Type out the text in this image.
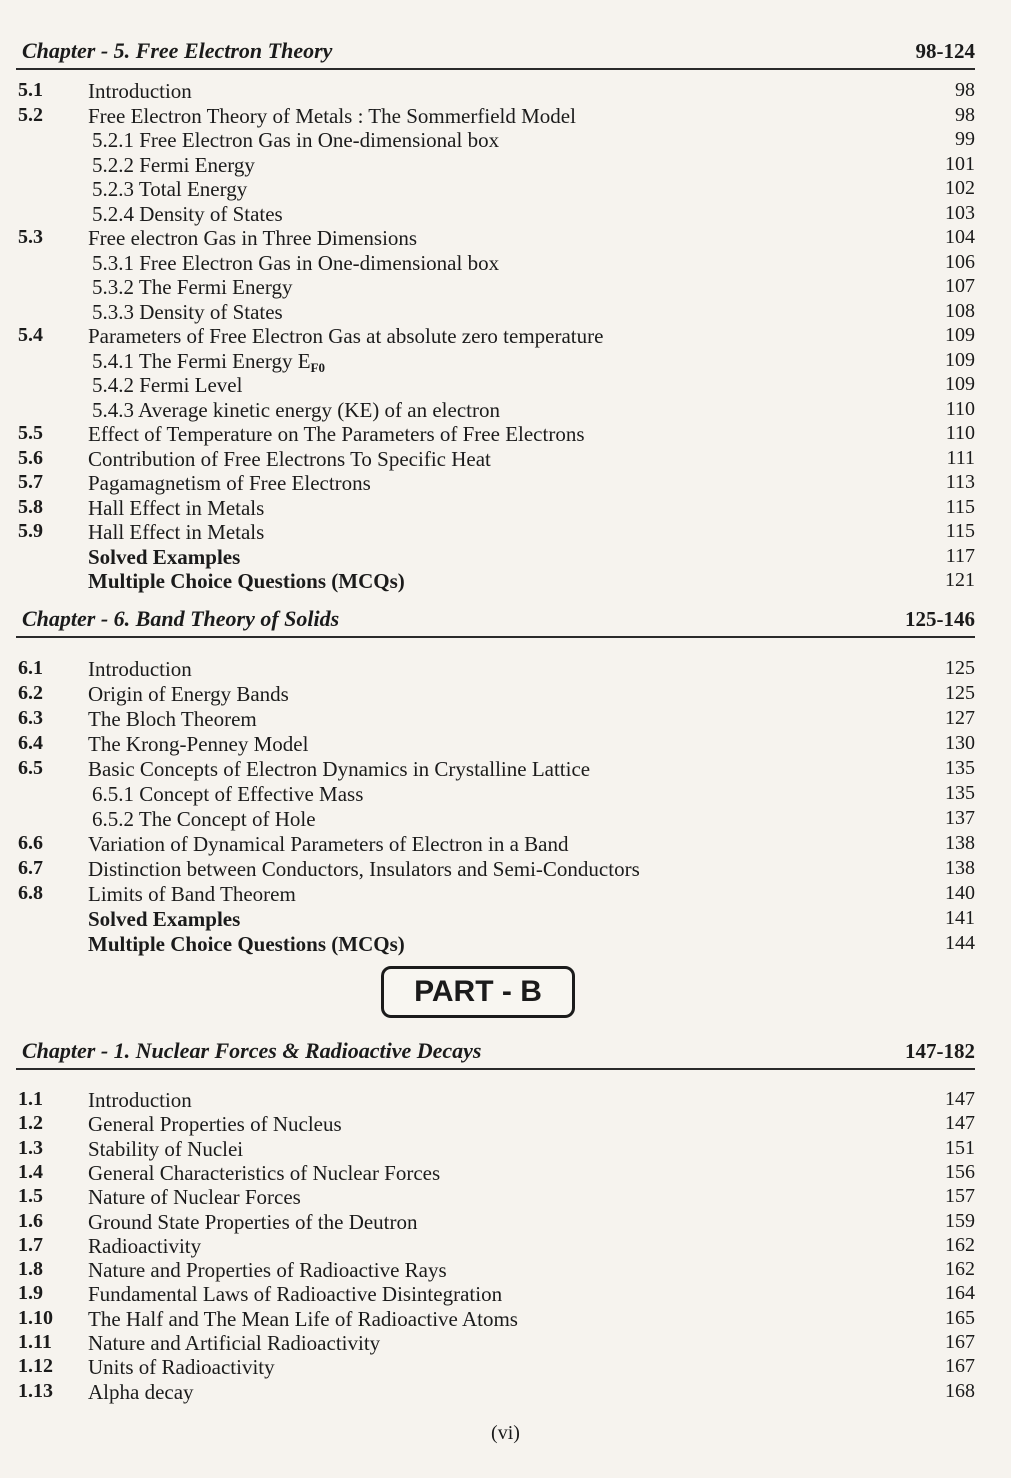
Chapter - 5. Free Electron Theory	98-124
5.1 Introduction	98
5.2 Free Electron Theory of Metals : The Sommerfield Model	98
5.2.1 Free Electron Gas in One-dimensional box	99
5.2.2 Fermi Energy	101
5.2.3 Total Energy	102
5.2.4 Density of States	103
5.3 Free electron Gas in Three Dimensions	104
5.3.1 Free Electron Gas in One-dimensional box	106
5.3.2 The Fermi Energy	107
5.3.3 Density of States	108
5.4 Parameters of Free Electron Gas at absolute zero temperature	109
5.4.1 The Fermi Energy $E_{F0}$	109
5.4.2 Fermi Level	109
5.4.3 Average kinetic energy (KE) of an electron	110
5.5 Effect of Temperature on The Parameters of Free Electrons	110
5.6 Contribution of Free Electrons To Specific Heat	111
5.7 Pagamagnetism of Free Electrons	113
5.8 Hall Effect in Metals	115
5.9 Hall Effect in Metals	115
Solved Examples	117
Multiple Choice Questions (MCQs)	121
Chapter - 6. Band Theory of Solids	125-146
6.1 Introduction	125
6.2 Origin of Energy Bands	125
6.3 The Bloch Theorem	127
6.4 The Krong-Penney Model	130
6.5 Basic Concepts of Electron Dynamics in Crystalline Lattice	135
6.5.1 Concept of Effective Mass	135
6.5.2 The Concept of Hole	137
6.6 Variation of Dynamical Parameters of Electron in a Band	138
6.7 Distinction between Conductors, Insulators and Semi-Conductors	138
6.8 Limits of Band Theorem	140
Solved Examples	141
Multiple Choice Questions (MCQs)	144
Chapter - 1. Nuclear Forces & Radioactive Decays	147-182
1.1 Introduction	147
1.2 General Properties of Nucleus	147
1.3 Stability of Nuclei	151
1.4 General Characteristics of Nuclear Forces	156
1.5 Nature of Nuclear Forces	157
1.6 Ground State Properties of the Deutron	159
1.7 Radioactivity	162
1.8 Nature and Properties of Radioactive Rays	162
1.9 Fundamental Laws of Radioactive Disintegration	164
1.10 The Half and The Mean Life of Radioactive Atoms	165
1.11 Nature and Artificial Radioactivity	167
1.12 Units of Radioactivity	167
1.13 Alpha decay	168
PART - B
(vi)
